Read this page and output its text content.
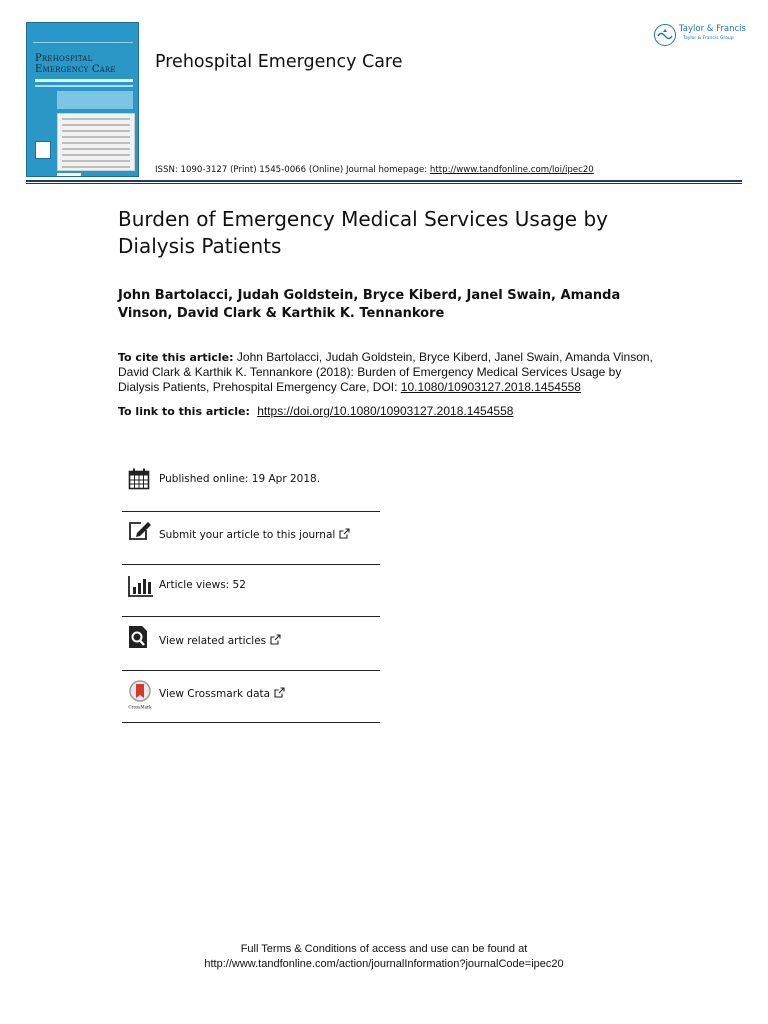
Prehospital
Emergency Care	Prehospital Emergency Care
Taylor & Francis
Taylor & Francis Group
ISSN: 1090-3127 (Print) 1545-0066 (Online) Journal homepage: http://www.tandfonline.com/loi/ipec20
Burden of Emergency Medical Services Usage by Dialysis Patients
John Bartolacci, Judah Goldstein, Bryce Kiberd, Janel Swain, Amanda Vinson, David Clark & Karthik K. Tennankore
To cite this article: John Bartolacci, Judah Goldstein, Bryce Kiberd, Janel Swain, Amanda Vinson, David Clark & Karthik K. Tennankore (2018): Burden of Emergency Medical Services Usage by Dialysis Patients, Prehospital Emergency Care, DOI: 10.1080/10903127.2018.1454558
To link to this article: https://doi.org/10.1080/10903127.2018.1454558
Published online: 19 Apr 2018.
Submit your article to this journal
Article views: 52
View related articles
CrossMark
View Crossmark data
Full Terms & Conditions of access and use can be found at
http://www.tandfonline.com/action/journalInformation?journalCode=ipec20
